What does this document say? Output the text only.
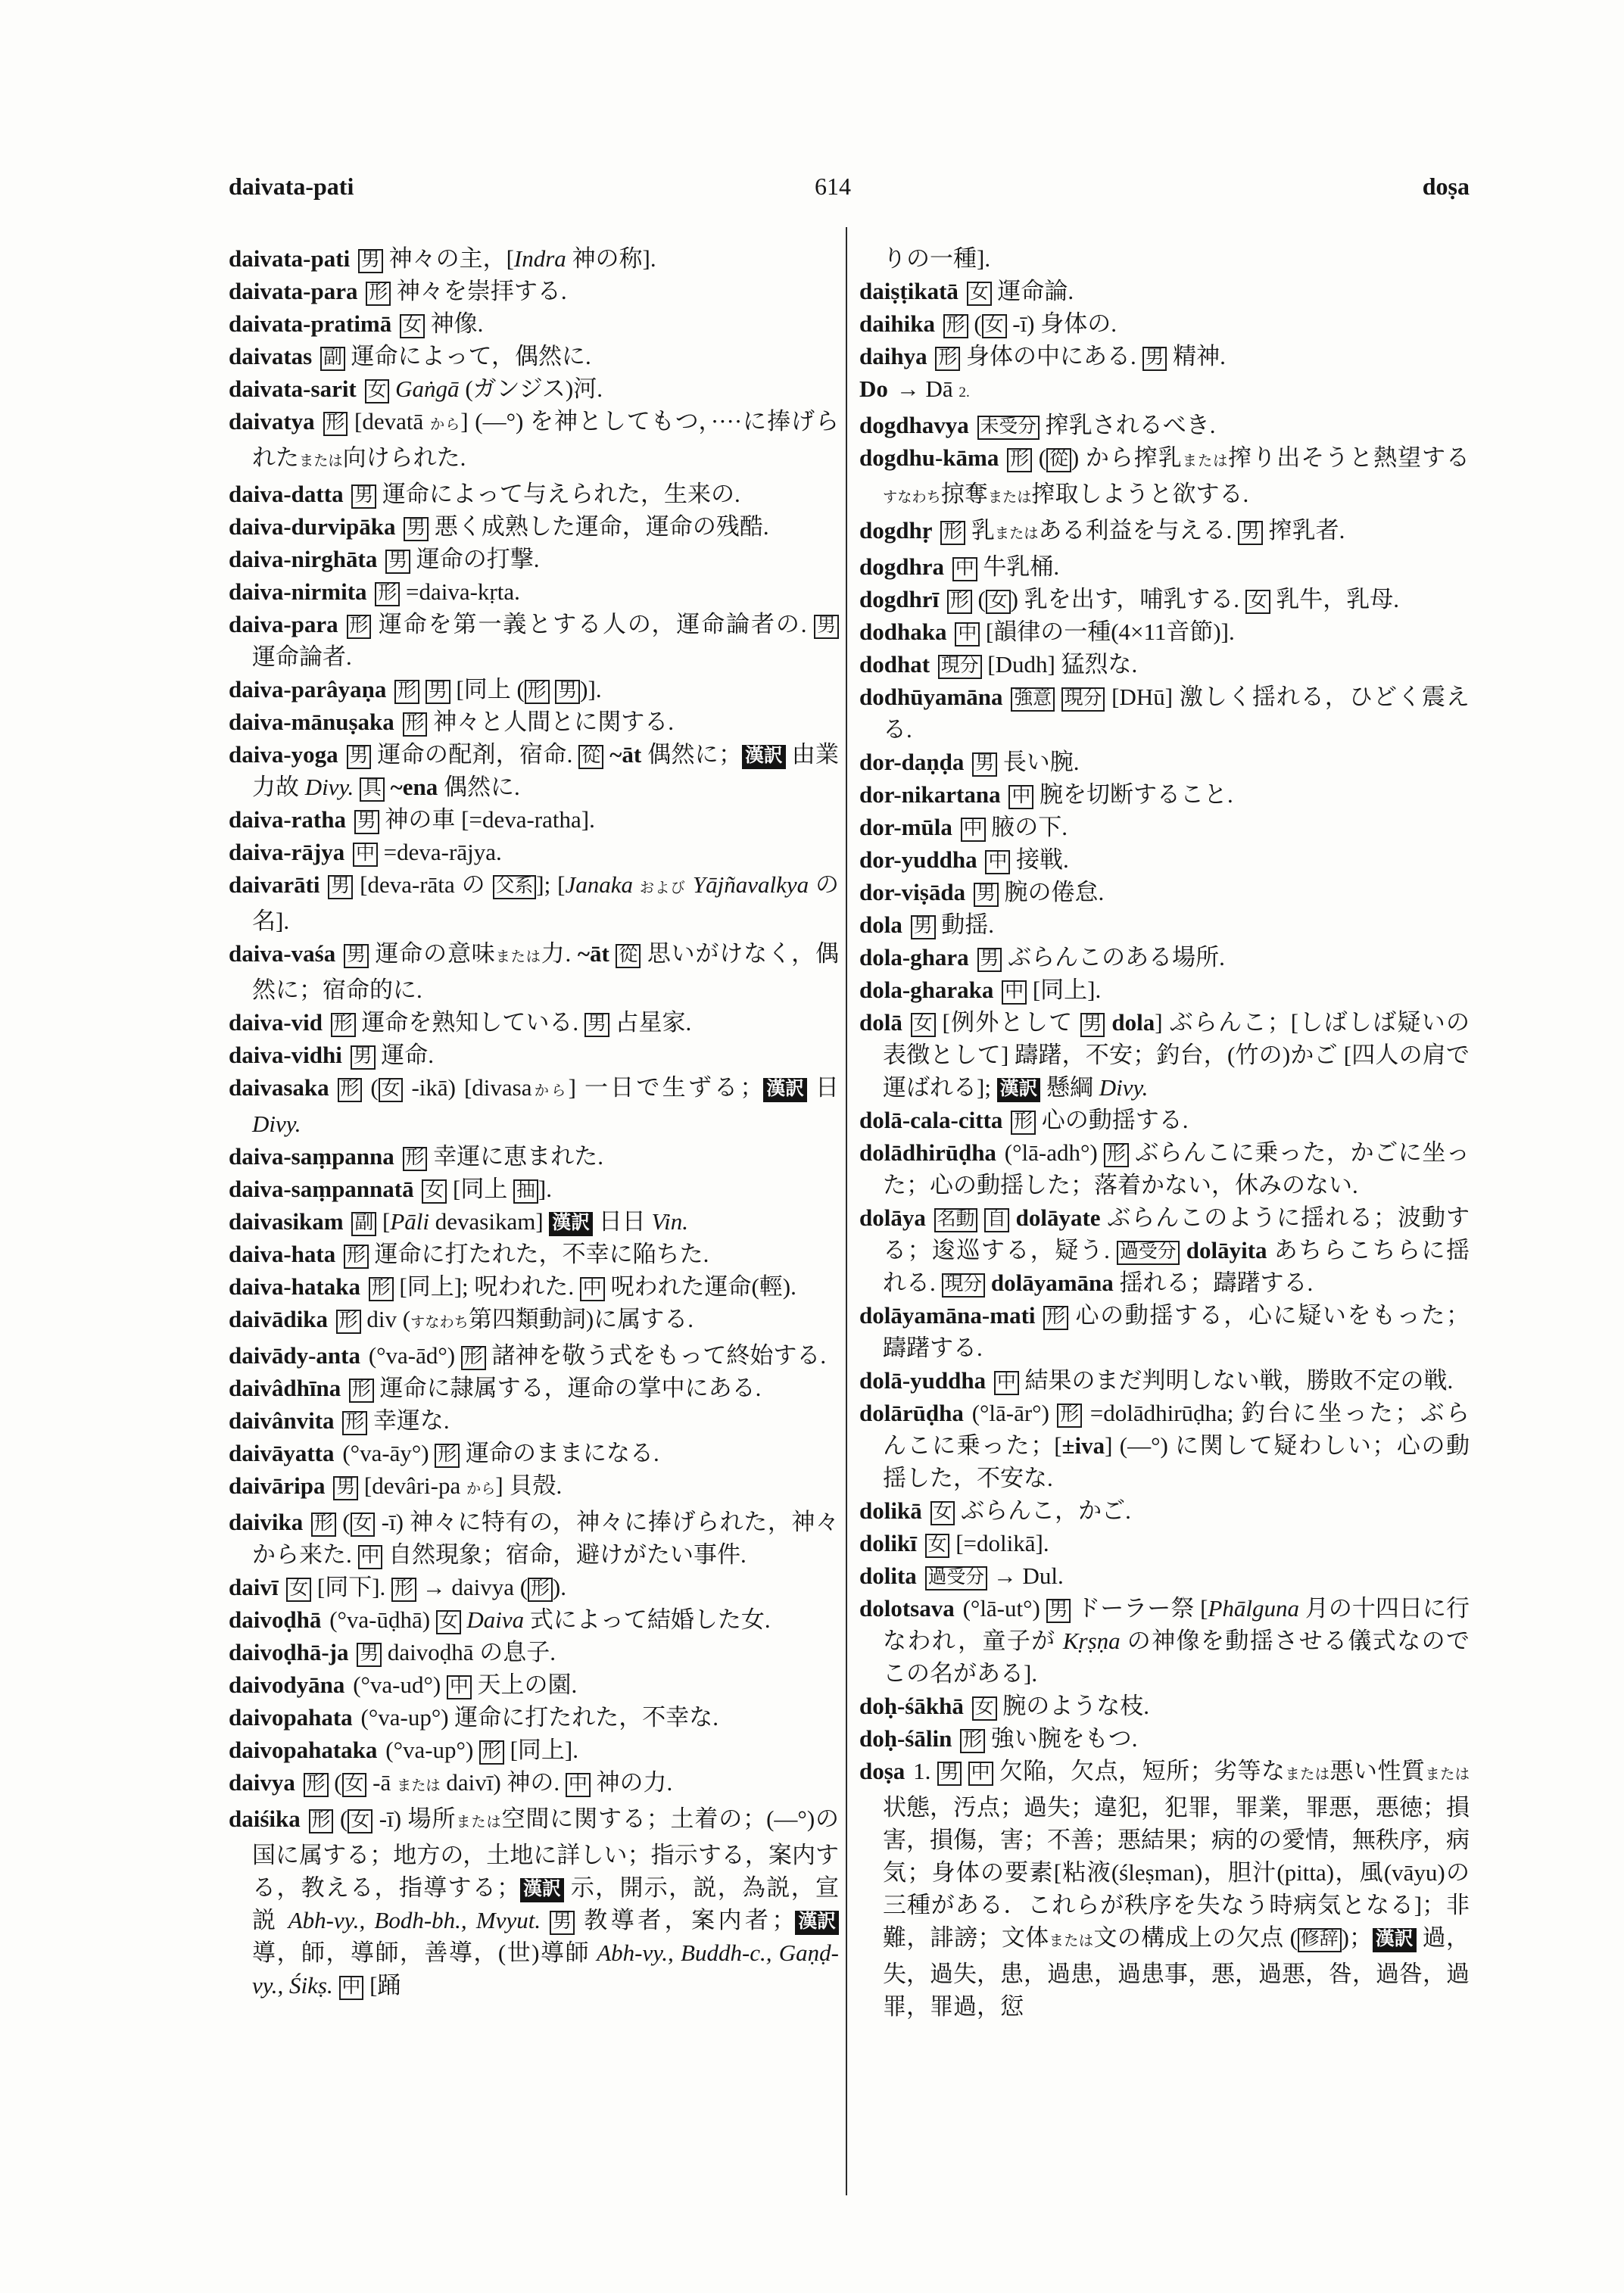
daivata-pati	614	doṣa

daivata-pati 男 神々の主，[Indra 神の称].

daivata-para 形 神々を崇拝する.

daivata-pratimā 女 神像.

daivatas 副 運命によって，偶然に.

daivata-sarit 女 Gaṅgā (ガンジス)河.

daivatya 形 [devatā から] (—°) を神としてもつ，····に捧げられたまたは向けられた.

daiva-datta 男 運命によって与えられた，生来の.

daiva-durvipāka 男 悪く成熟した運命，運命の残酷.

daiva-nirghāta 男 運命の打撃.

daiva-nirmita 形 =daiva-kṛta.

daiva-para 形 運命を第一義とする人の，運命論者の. 男 運命論者.

daiva-parâyaṇa 形 男 [同上 ( 形 男 )].

daiva-mānuṣaka 形 神々と人間とに関する.

daiva-yoga 男 運命の配剤，宿命. 從 ~āt 偶然に； 漢訳 由業力故 Divy. 具 ~ena 偶然に.

daiva-ratha 男 神の車 [=deva-ratha].

daiva-rājya 中 =deva-rājya.

daivarāti 男 [deva-rāta の 父系 ]; [Janaka および Yājñavalkya の名].

daiva-vaśa 男 運命の意味または力. ~āt 從 思いがけなく，偶然に；宿命的に.

daiva-vid 形 運命を熟知している. 男 占星家.

daiva-vidhi 男 運命.

daivasaka 形 ( 女 -ikā) [divasaから] 一日で生ずる； 漢訳 日 Divy.

daiva-saṃpanna 形 幸運に恵まれた.

daiva-saṃpannatā 女 [同上 抽 ].

daivasikam 副 [Pāli devasikam] 漢訳 日日 Vin.

daiva-hata 形 運命に打たれた，不幸に陥ちた.

daiva-hataka 形 [同上]; 呪われた. 中 呪われた運命(輕).

daivādika 形 div (すなわち第四類動詞)に属する.

daivādy-anta (°va-ād°) 形 諸神を敬う式をもって終始する.

daivâdhīna 形 運命に隷属する，運命の掌中にある.

daivânvita 形 幸運な.

daivāyatta (°va-āy°) 形 運命のままになる.

daivāripa 男 [devâri-pa から] 貝殻.

daivika 形 ( 女 -ī) 神々に特有の，神々に捧げられた，神々から来た. 中 自然現象；宿命，避けがたい事件.

daivī 女 [同下]. 形 → daivya ( 形 ).

daivoḍhā (°va-ūḍhā) 女 Daiva 式によって結婚した女.

daivoḍhā-ja 男 daivoḍhā の息子.

daivodyāna (°va-ud°) 中 天上の園.

daivopahata (°va-up°) 運命に打たれた，不幸な.

daivopahataka (°va-up°) 形 [同上].

daivya 形 ( 女 -ā または daivī) 神の. 中 神の力.

daiśika 形 ( 女 -ī) 場所または空間に関する；土着の；(—°)の国に属する；地方の，土地に詳しい；指示する，案内する，教える，指導する； 漢訳 示，開示，説，為説，宣説 Abh-vy., Bodh-bh., Mvyut. 男 教導者，案内者； 漢訳 導，師，導師，善導，(世)導師 Abh-vy., Buddh-c., Gaṇḍ-vy., Śikṣ. 中 [踊

りの一種].

daiṣṭikatā 女 運命論.

daihika 形 ( 女 -ī) 身体の.

daihya 形 身体の中にある. 男 精神.

Do → Dā 2.

dogdhavya 未受分 搾乳されるべき.

dogdhu-kāma 形 ( 從 ) から搾乳または搾り出そうと熱望するすなわち掠奪または搾取しようと欲する.

dogdhṛ 形 乳またはある利益を与える. 男 搾乳者.

dogdhra 中 牛乳桶.

dogdhrī 形 ( 女 ) 乳を出す，哺乳する. 女 乳牛，乳母.

dodhaka 中 [韻律の一種(4×11音節)].

dodhat 現分 [Dudh] 猛烈な.

dodhūyamāna 強意 現分 [DHū] 激しく揺れる，ひどく震える.

dor-daṇḍa 男 長い腕.

dor-nikartana 中 腕を切断すること.

dor-mūla 中 腋の下.

dor-yuddha 中 接戦.

dor-viṣāda 男 腕の倦怠.

dola 男 動揺.

dola-ghara 男 ぶらんこのある場所.

dola-gharaka 中 [同上].

dolā 女 [例外として 男 dola] ぶらんこ；[しばしば疑いの表徴として] 躊躇，不安；釣台，(竹の)かご [四人の肩で運ばれる]; 漢訳 懸綱 Divy.

dolā-cala-citta 形 心の動揺する.

dolādhirūḍha (°lā-adh°) 形 ぶらんこに乗った，かごに坐った；心の動揺した；落着かない，休みのない.

dolāya 名動 自 dolāyate ぶらんこのように揺れる；波動する；逡巡する，疑う. 過受分 dolāyita あちらこちらに揺れる. 現分 dolāyamāna 揺れる；躊躇する.

dolāyamāna-mati 形 心の動揺する，心に疑いをもった；躊躇する.

dolā-yuddha 中 結果のまだ判明しない戦，勝敗不定の戦.

dolārūḍha (°lā-ār°) 形 =dolādhirūḍha; 釣台に坐った；ぶらんこに乗った；[±iva] (—°) に関して疑わしい；心の動揺した，不安な.

dolikā 女 ぶらんこ，かご.

dolikī 女 [=dolikā].

dolita 過受分 → Dul.

dolotsava (°lā-ut°) 男 ドーラー祭 [Phālguna 月の十四日に行なわれ，童子が Kṛṣṇa の神像を動揺させる儀式なのでこの名がある].

doḥ-śākhā 女 腕のような枝.

doḥ-śālin 形 強い腕をもつ.

doṣa 1. 男 中 欠陥，欠点，短所；劣等なまたは悪い性質または状態，汚点；過失；違犯，犯罪，罪業，罪悪，悪徳；損害，損傷，害；不善；悪結果；病的の愛情，無秩序，病気；身体の要素[粘液(śleṣman)，胆汁(pitta)，風(vāyu)の三種がある．これらが秩序を失なう時病気となる]；非難，誹謗；文体または文の構成上の欠点 ( 修辞 )； 漢訳 過，失，過失，患，過患，過患事，悪，過悪，咎，過咎，過罪，罪過，愆
